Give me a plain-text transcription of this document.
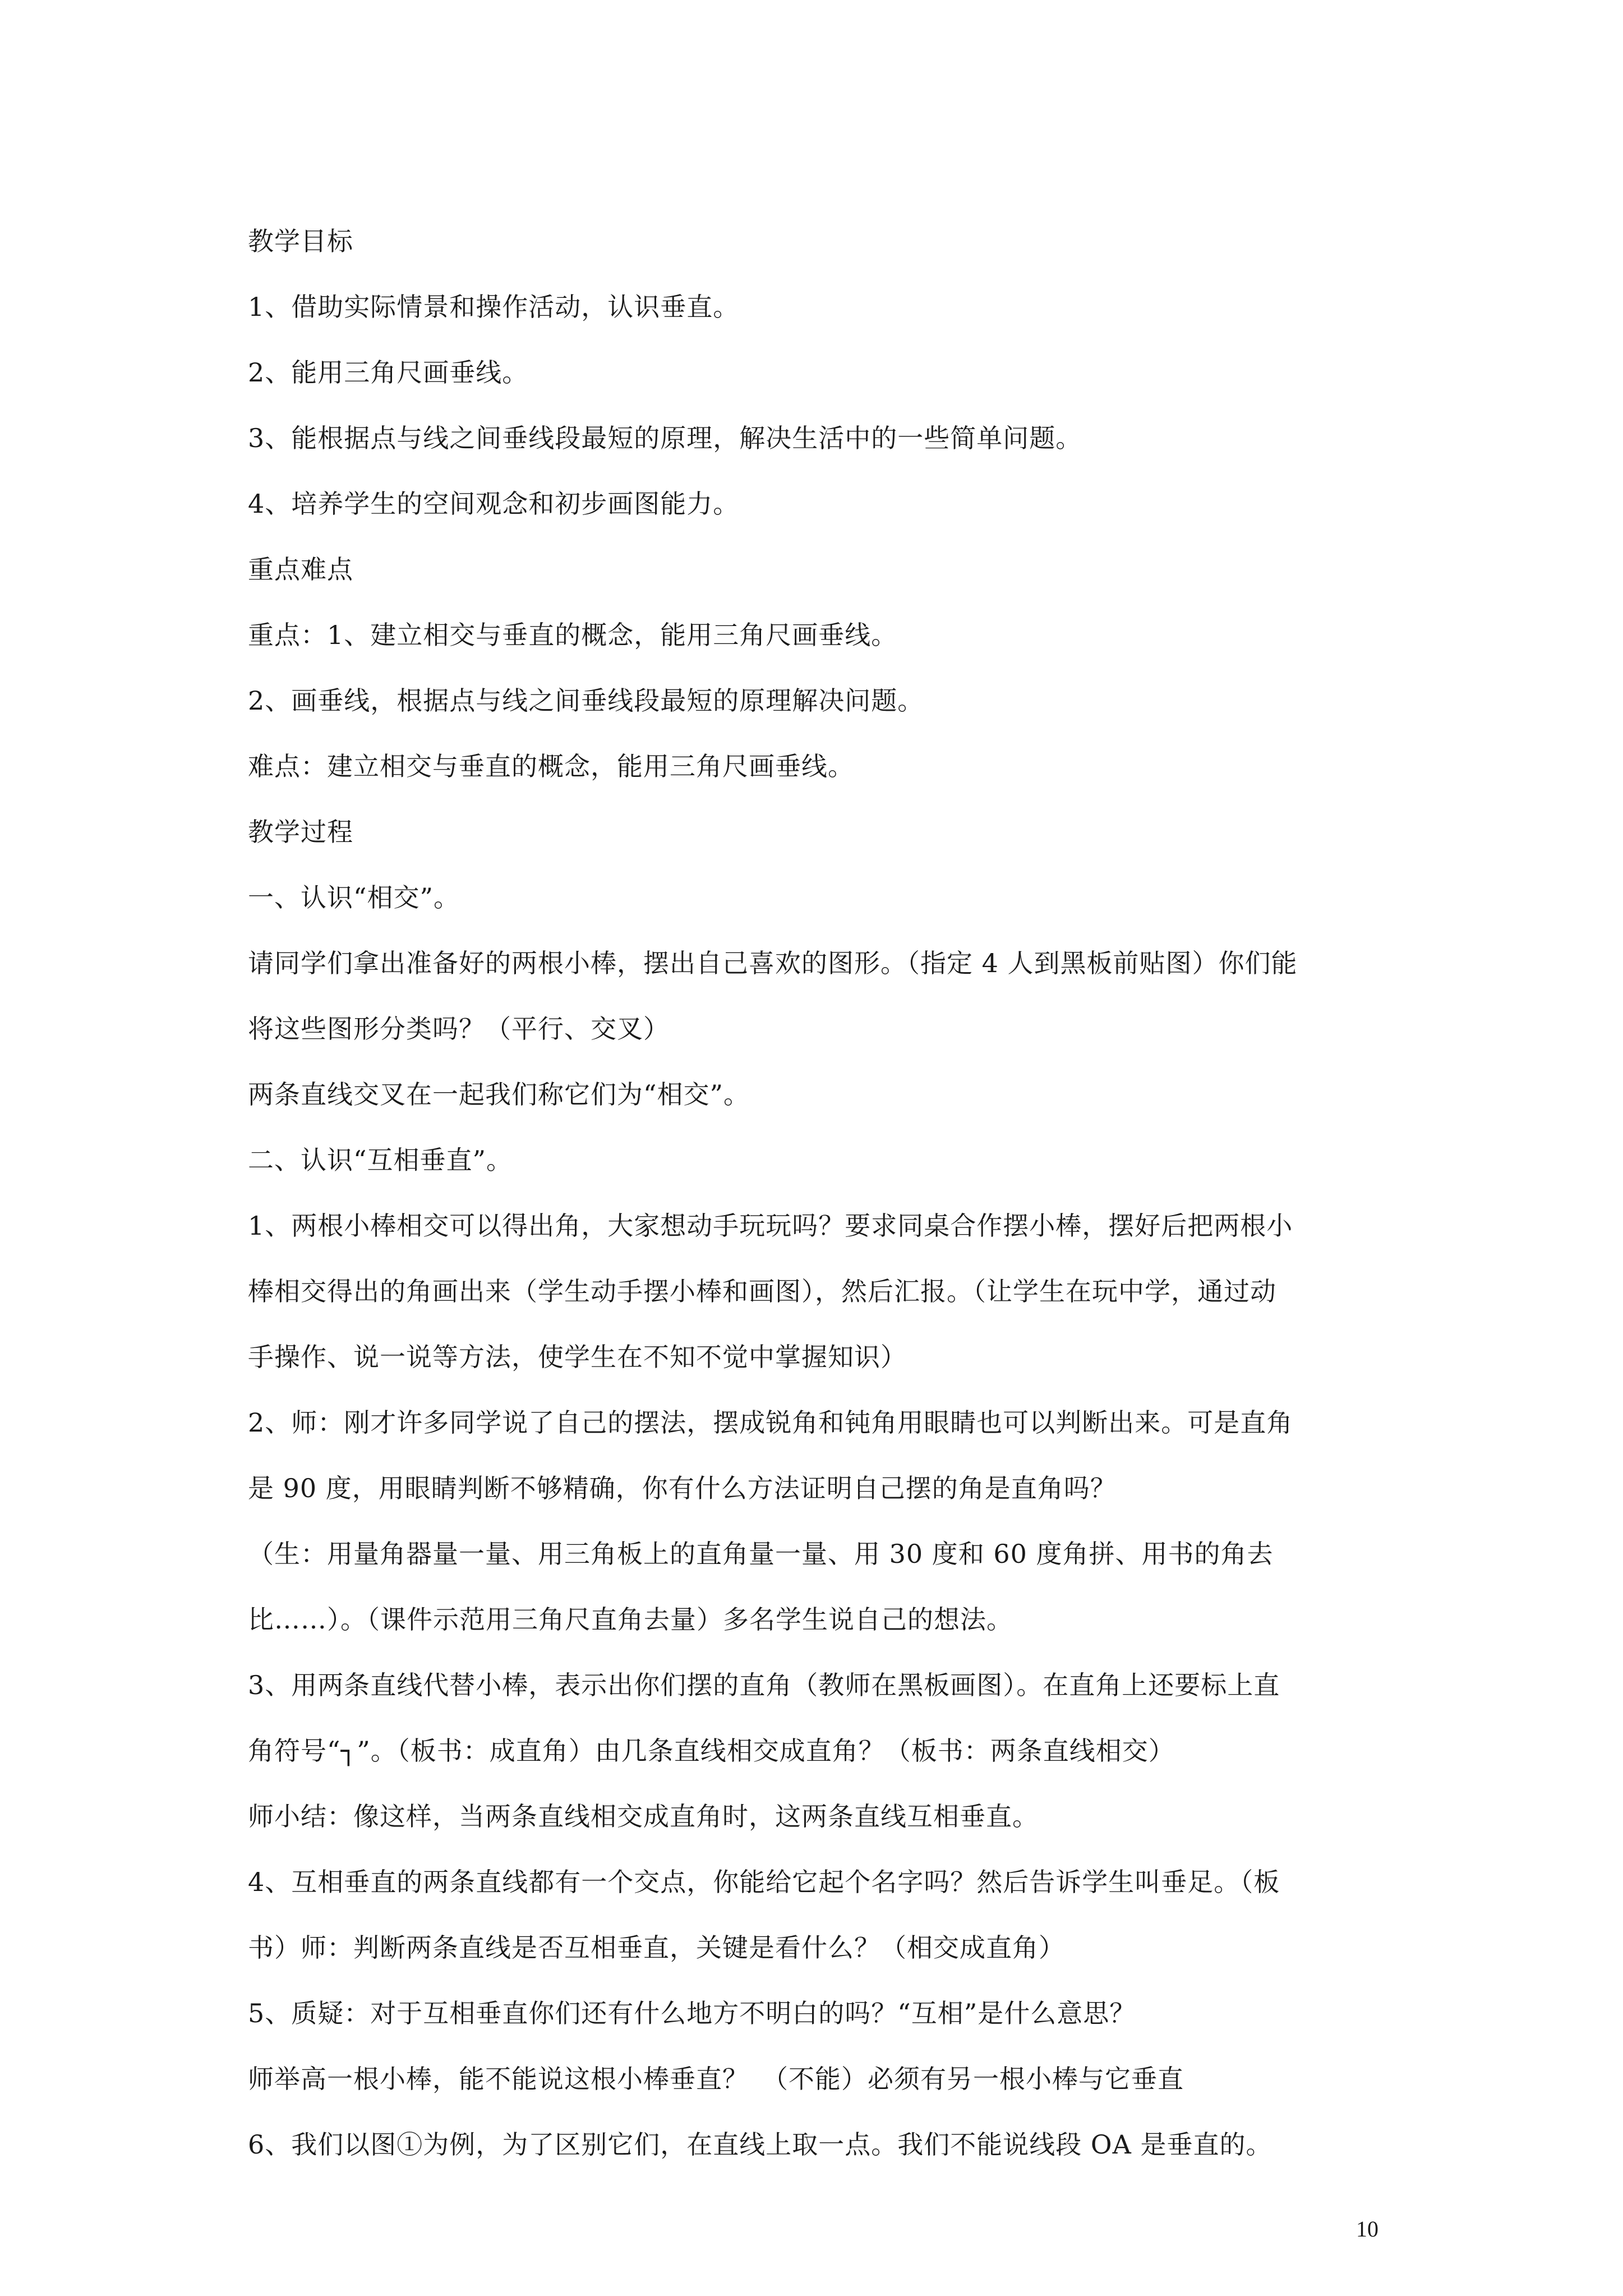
教学目标
1、借助实际情景和操作活动，认识垂直。
2、能用三角尺画垂线。
3、能根据点与线之间垂线段最短的原理，解决生活中的一些简单问题。
4、培养学生的空间观念和初步画图能力。
重点难点
重点：1、建立相交与垂直的概念，能用三角尺画垂线。
2、画垂线，根据点与线之间垂线段最短的原理解决问题。
难点：建立相交与垂直的概念，能用三角尺画垂线。
教学过程
一、认识“相交”。
请同学们拿出准备好的两根小棒，摆出自己喜欢的图形。（指定 4 人到黑板前贴图）你们能
将这些图形分类吗？（平行、交叉）
两条直线交叉在一起我们称它们为“相交”。
二、认识“互相垂直”。
1、两根小棒相交可以得出角，大家想动手玩玩吗？要求同桌合作摆小棒，摆好后把两根小
棒相交得出的角画出来（学生动手摆小棒和画图），然后汇报。（让学生在玩中学，通过动
手操作、说一说等方法，使学生在不知不觉中掌握知识）
2、师：刚才许多同学说了自己的摆法，摆成锐角和钝角用眼睛也可以判断出来。可是直角
是 90 度，用眼睛判断不够精确，你有什么方法证明自己摆的角是直角吗？
（生：用量角器量一量、用三角板上的直角量一量、用 30 度和 60 度角拼、用书的角去
比……）。（课件示范用三角尺直角去量）多名学生说自己的想法。
3、用两条直线代替小棒，表示出你们摆的直角（教师在黑板画图）。在直角上还要标上直
角符号“┐”。（板书：成直角）由几条直线相交成直角？（板书：两条直线相交）
师小结：像这样，当两条直线相交成直角时，这两条直线互相垂直。
4、互相垂直的两条直线都有一个交点，你能给它起个名字吗？然后告诉学生叫垂足。（板
书）师：判断两条直线是否互相垂直，关键是看什么？（相交成直角）
5、质疑：对于互相垂直你们还有什么地方不明白的吗？“互相”是什么意思？
师举高一根小棒，能不能说这根小棒垂直？　（不能）必须有另一根小棒与它垂直
6、我们以图①为例，为了区别它们，在直线上取一点。我们不能说线段 OA 是垂直的。
10
